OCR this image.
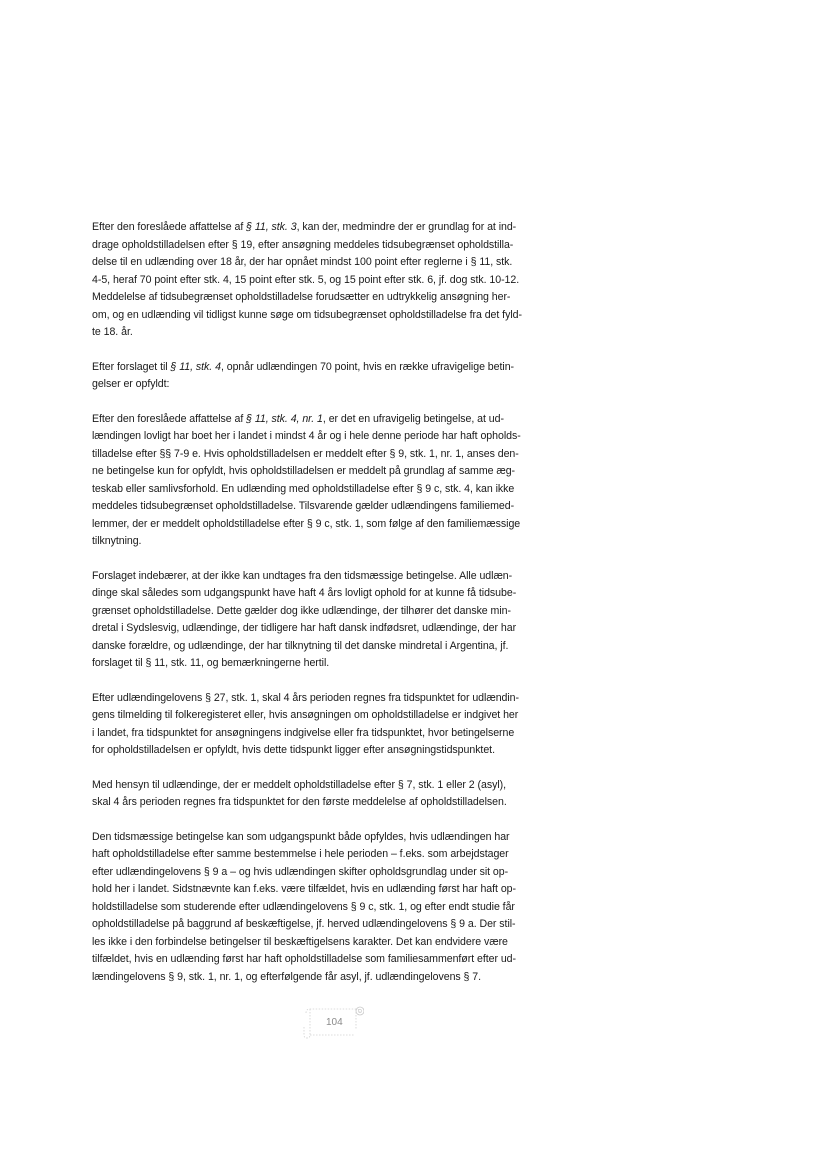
Efter den foreslåede affattelse af § 11, stk. 3, kan der, medmindre der er grundlag for at ind-
drage opholdstilladelsen efter § 19, efter ansøgning meddeles tidsubegrænset opholdstilla-
delse til en udlænding over 18 år, der har opnået mindst 100 point efter reglerne i § 11, stk.
4-5, heraf 70 point efter stk. 4, 15 point efter stk. 5, og 15 point efter stk. 6, jf. dog stk. 10-12.
Meddelelse af tidsubegrænset opholdstilladelse forudsætter en udtrykkelig ansøgning her-
om, og en udlænding vil tidligst kunne søge om tidsubegrænset opholdstilladelse fra det fyld-
te 18. år.

Efter forslaget til § 11, stk. 4, opnår udlændingen 70 point, hvis en række ufravigelige betin-
gelser er opfyldt:

Efter den foreslåede affattelse af § 11, stk. 4, nr. 1, er det en ufravigelig betingelse, at ud-
lændingen lovligt har boet her i landet i mindst 4 år og i hele denne periode har haft opholds-
tilladelse efter §§ 7-9 e. Hvis opholdstilladelsen er meddelt efter § 9, stk. 1, nr. 1, anses den-
ne betingelse kun for opfyldt, hvis opholdstilladelsen er meddelt på grundlag af samme æg-
teskab eller samlivsforhold. En udlænding med opholdstilladelse efter § 9 c, stk. 4, kan ikke
meddeles tidsubegrænset opholdstilladelse. Tilsvarende gælder udlændingens familiemed-
lemmer, der er meddelt opholdstilladelse efter § 9 c, stk. 1, som følge af den familiemæssige
tilknytning.

Forslaget indebærer, at der ikke kan undtages fra den tidsmæssige betingelse. Alle udlæn-
dinge skal således som udgangspunkt have haft 4 års lovligt ophold for at kunne få tidsube-
grænset opholdstilladelse. Dette gælder dog ikke udlændinge, der tilhører det danske min-
dretal i Sydslesvig, udlændinge, der tidligere har haft dansk indfødsret, udlændinge, der har
danske forældre, og udlændinge, der har tilknytning til det danske mindretal i Argentina, jf.
forslaget til § 11, stk. 11, og bemærkningerne hertil.

Efter udlændingelovens § 27, stk. 1, skal 4 års perioden regnes fra tidspunktet for udlændin-
gens tilmelding til folkeregisteret eller, hvis ansøgningen om opholdstilladelse er indgivet her
i landet, fra tidspunktet for ansøgningens indgivelse eller fra tidspunktet, hvor betingelserne
for opholdstilladelsen er opfyldt, hvis dette tidspunkt ligger efter ansøgningstidspunktet.

Med hensyn til udlændinge, der er meddelt opholdstilladelse efter § 7, stk. 1 eller 2 (asyl),
skal 4 års perioden regnes fra tidspunktet for den første meddelelse af opholdstilladelsen.

Den tidsmæssige betingelse kan som udgangspunkt både opfyldes, hvis udlændingen har
haft opholdstilladelse efter samme bestemmelse i hele perioden – f.eks. som arbejdstager
efter udlændingelovens § 9 a – og hvis udlændingen skifter opholdsgrundlag under sit op-
hold her i landet. Sidstnævnte kan f.eks. være tilfældet, hvis en udlænding først har haft op-
holdstilladelse som studerende efter udlændingelovens § 9 c, stk. 1, og efter endt studie får
opholdstilladelse på baggrund af beskæftigelse, jf. herved udlændingelovens § 9 a. Der stil-
les ikke i den forbindelse betingelser til beskæftigelsens karakter. Det kan endvidere være
tilfældet, hvis en udlænding først har haft opholdstilladelse som familiesammenført efter ud-
lændingelovens § 9, stk. 1, nr. 1, og efterfølgende får asyl, jf. udlændingelovens § 7.

104
